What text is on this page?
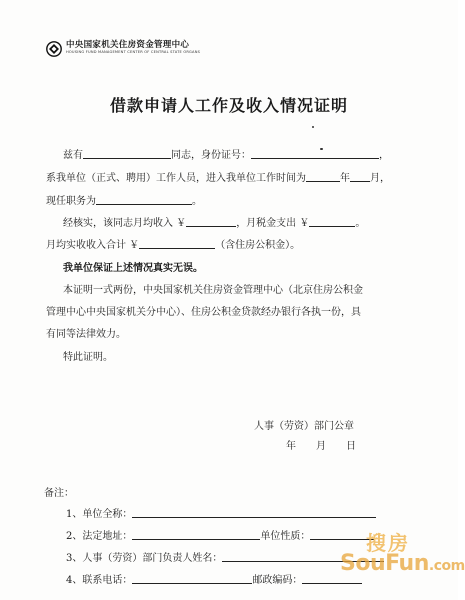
中央国家机关住房资金管理中心
HOUSING FUND MANAGEMENT CENTER OF CENTRAL STATE ORGANS
借款申请人工作及收入情况证明
兹有	同志，身份证号：	，
系我单位（正式、聘用）工作人员，进入我单位工作时间为	年 月，
现任职务为	。
经核实，该同志月均收入 ￥	，月税金支出 ￥	。
月均实收收入合计 ￥	（含住房公积金）。
我单位保证上述情况真实无误。
本证明一式两份，中央国家机关住房资金管理中心（北京住房公积金
管理中心中央国家机关分中心）、住房公积金贷款经办银行各执一份，具
有同等法律效力。
特此证明。
人事（劳资）部门公章
年　　月　　日
备注：
1、单位全称：
2、法定地址：	单位性质：
3、人事（劳资）部门负责人姓名：
4、联系电话：	邮政编码：
搜房
SouFun.com
